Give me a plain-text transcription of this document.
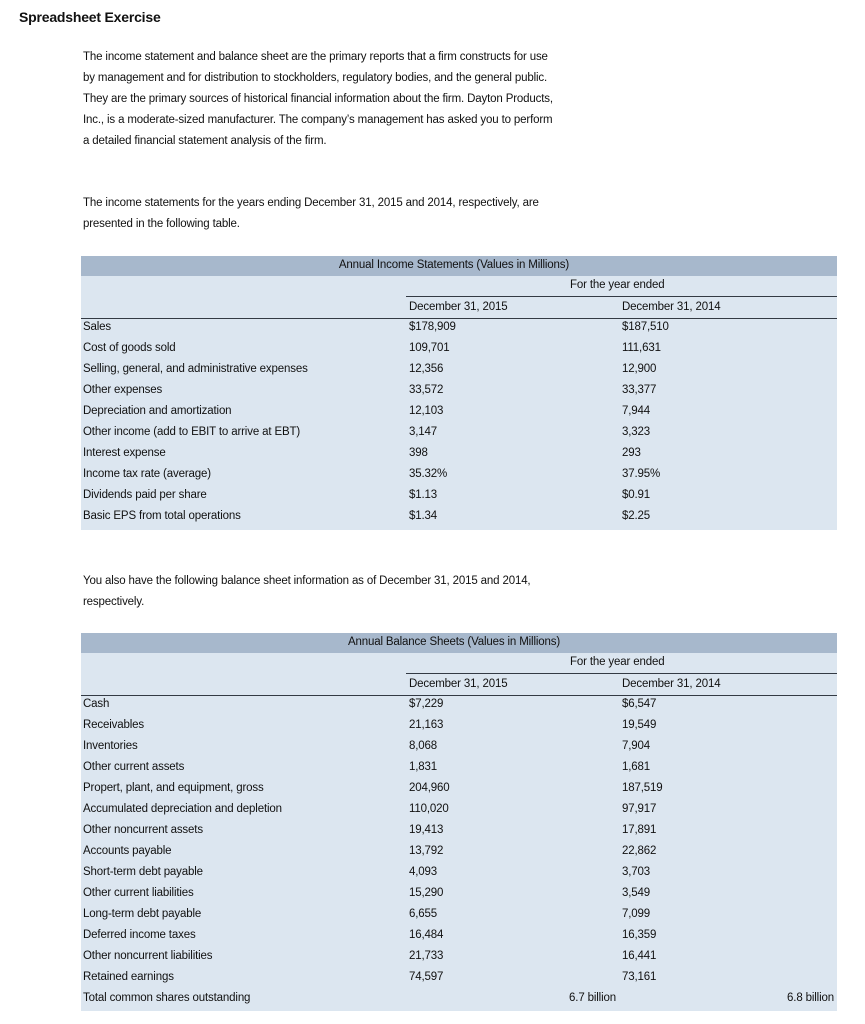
Spreadsheet Exercise

The income statement and balance sheet are the primary reports that a firm constructs for use by management and for distribution to stockholders, regulatory bodies, and the general public. They are the primary sources of historical financial information about the firm. Dayton Products, Inc., is a moderate-sized manufacturer. The company’s management has asked you to perform a detailed financial statement analysis of the firm.

The income statements for the years ending December 31, 2015 and 2014, respectively, are presented in the following table.

Annual Income Statements (Values in Millions)
For the year ended
December 31, 2015	December 31, 2014
Sales	$178,909	$187,510
Cost of goods sold	109,701	111,631
Selling, general, and administrative expenses	12,356	12,900
Other expenses	33,572	33,377
Depreciation and amortization	12,103	7,944
Other income (add to EBIT to arrive at EBT)	3,147	3,323
Interest expense	398	293
Income tax rate (average)	35.32%	37.95%
Dividends paid per share	$1.13	$0.91
Basic EPS from total operations	$1.34	$2.25

You also have the following balance sheet information as of December 31, 2015 and 2014, respectively.

Annual Balance Sheets (Values in Millions)
For the year ended
December 31, 2015	December 31, 2014
Cash	$7,229	$6,547
Receivables	21,163	19,549
Inventories	8,068	7,904
Other current assets	1,831	1,681
Propert, plant, and equipment, gross	204,960	187,519
Accumulated depreciation and depletion	110,020	97,917
Other noncurrent assets	19,413	17,891
Accounts payable	13,792	22,862
Short-term debt payable	4,093	3,703
Other current liabilities	15,290	3,549
Long-term debt payable	6,655	7,099
Deferred income taxes	16,484	16,359
Other noncurrent liabilities	21,733	16,441
Retained earnings	74,597	73,161
Total common shares outstanding	6.7 billion	6.8 billion
